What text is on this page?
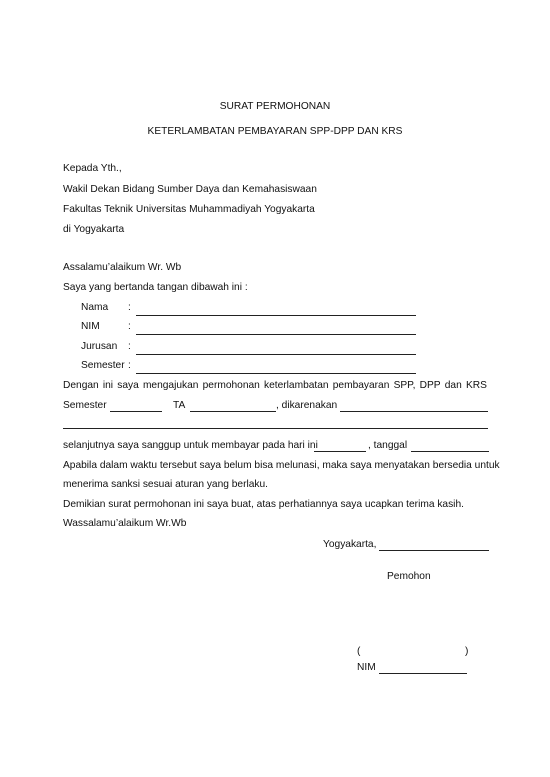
SURAT PERMOHONAN
KETERLAMBATAN PEMBAYARAN SPP-DPP DAN KRS
Kepada Yth.,
Wakil Dekan Bidang Sumber Daya dan Kemahasiswaan
Fakultas Teknik Universitas Muhammadiyah Yogyakarta
di Yogyakarta
Assalamu’alaikum Wr. Wb
Saya yang bertanda tangan dibawah ini :
Nama :
NIM	:
Jurusan :
Semester :
Dengan ini saya mengajukan permohonan keterlambatan pembayaran SPP, DPP dan KRS
Semester	TA	, dikarenakan
selanjutnya saya sanggup untuk membayar pada hari ini	, tanggal
Apabila dalam waktu tersebut saya belum bisa melunasi, maka saya menyatakan bersedia untuk
menerima sanksi sesuai aturan yang berlaku.
Demikian surat permohonan ini saya buat, atas perhatiannya saya ucapkan terima kasih.
Wassalamu’alaikum Wr.Wb
Yogyakarta,
Pemohon
(	)
NIM
